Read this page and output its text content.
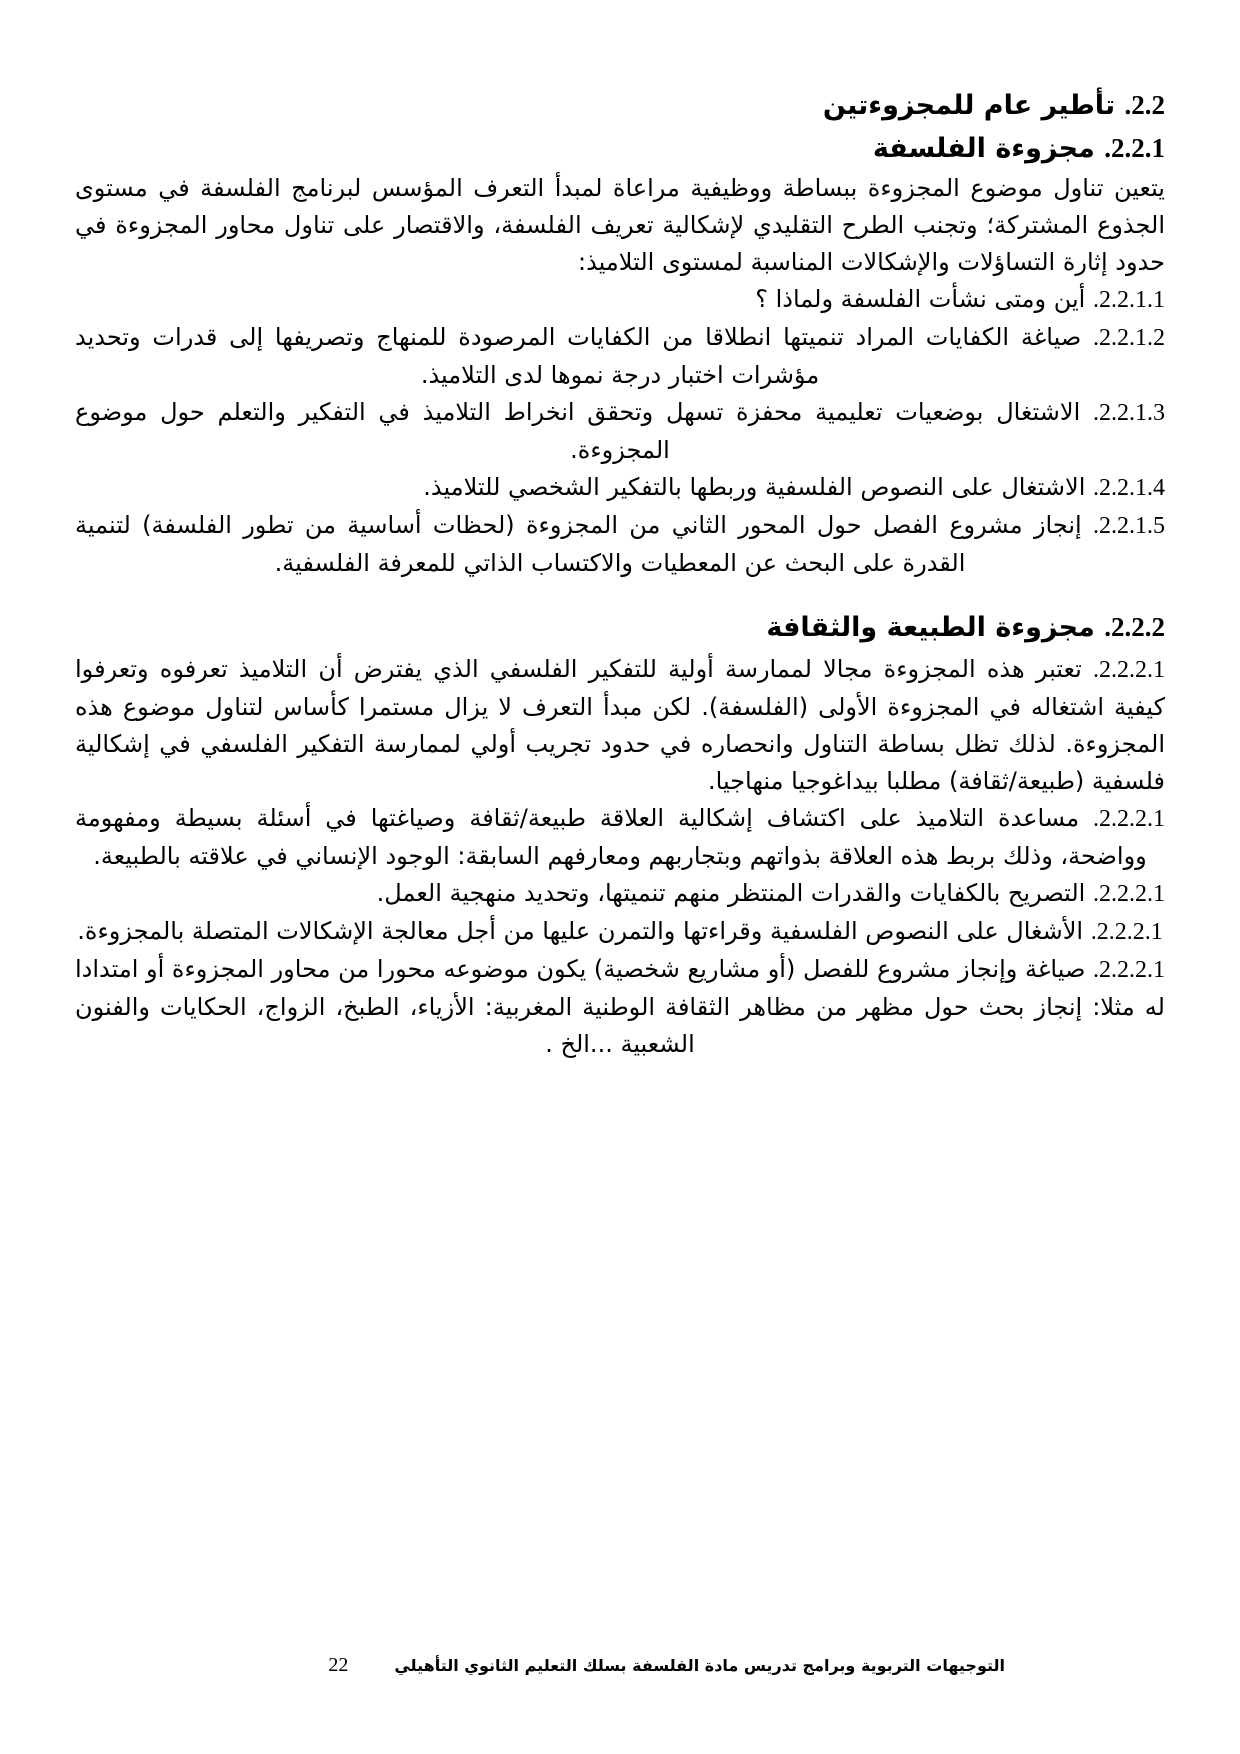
2.2. تأطير عام للمجزوءتين
2.2.1. مجزوءة الفلسفة

يتعين تناول موضوع المجزوءة ببساطة ووظيفية مراعاة لمبدأ التعرف المؤسس لبرنامج الفلسفة في مستوى الجذوع المشتركة؛ وتجنب الطرح التقليدي لإشكالية تعريف الفلسفة، والاقتصار على تناول محاور المجزوءة في حدود إثارة التساؤلات والإشكالات المناسبة لمستوى التلاميذ:

2.2.1.1. أين ومتى نشأت الفلسفة ولماذا ؟

2.2.1.2. صياغة الكفايات المراد تنميتها انطلاقا من الكفايات المرصودة للمنهاج وتصريفها إلى قدرات وتحديد مؤشرات اختبار درجة نموها لدى التلاميذ.

2.2.1.3. الاشتغال بوضعيات تعليمية محفزة تسهل وتحقق انخراط التلاميذ في التفكير والتعلم حول موضوع المجزوءة.

2.2.1.4. الاشتغال على النصوص الفلسفية وربطها بالتفكير الشخصي للتلاميذ.

2.2.1.5. إنجاز مشروع الفصل حول المحور الثاني من المجزوءة (لحظات أساسية من تطور الفلسفة) لتنمية القدرة على البحث عن المعطيات والاكتساب الذاتي للمعرفة الفلسفية.

2.2.2. مجزوءة الطبيعة والثقافة

2.2.2.1. تعتبر هذه المجزوءة مجالا لممارسة أولية للتفكير الفلسفي الذي يفترض أن التلاميذ تعرفوه وتعرفوا كيفية اشتغاله في المجزوءة الأولى (الفلسفة). لكن مبدأ التعرف لا يزال مستمرا كأساس لتناول موضوع هذه المجزوءة. لذلك تظل بساطة التناول وانحصاره في حدود تجريب أولي لممارسة التفكير الفلسفي في إشكالية فلسفية (طبيعة/ثقافة) مطلبا بيداغوجيا منهاجيا.

2.2.2.1. مساعدة التلاميذ على اكتشاف إشكالية العلاقة طبيعة/ثقافة وصياغتها في أسئلة بسيطة ومفهومة وواضحة، وذلك بربط هذه العلاقة بذواتهم وبتجاربهم ومعارفهم السابقة: الوجود الإنساني في علاقته بالطبيعة.

2.2.2.1. التصريح بالكفايات والقدرات المنتظر منهم تنميتها، وتحديد منهجية العمل.

2.2.2.1. الأشغال على النصوص الفلسفية وقراءتها والتمرن عليها من أجل معالجة الإشكالات المتصلة بالمجزوءة.

2.2.2.1. صياغة وإنجاز مشروع للفصل (أو مشاريع شخصية) يكون موضوعه محورا من محاور المجزوءة أو امتدادا له مثلا: إنجاز بحث حول مظهر من مظاهر الثقافة الوطنية المغربية: الأزياء، الطبخ، الزواج، الحكايات والفنون الشعبية ...الخ .

التوجيهات التربوية وبرامج تدريس مادة الفلسفة بسلك التعليم الثانوي التأهيلي
22
